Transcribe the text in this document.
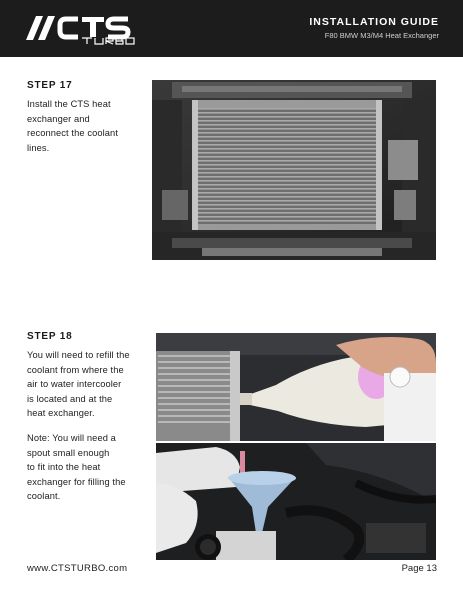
INSTALLATION GUIDE
F80 BMW M3/M4 Heat Exchanger
STEP 17
Install the CTS heat
exchanger and
reconnect the coolant
lines.
STEP 18
You will need to refill the
coolant from where the
air to water intercooler
is located and at the
heat exchanger.
Note: You will need a
spout small enough
to fit into the heat
exchanger for filling the
coolant.
www.CTSTURBO.com	Page 13
